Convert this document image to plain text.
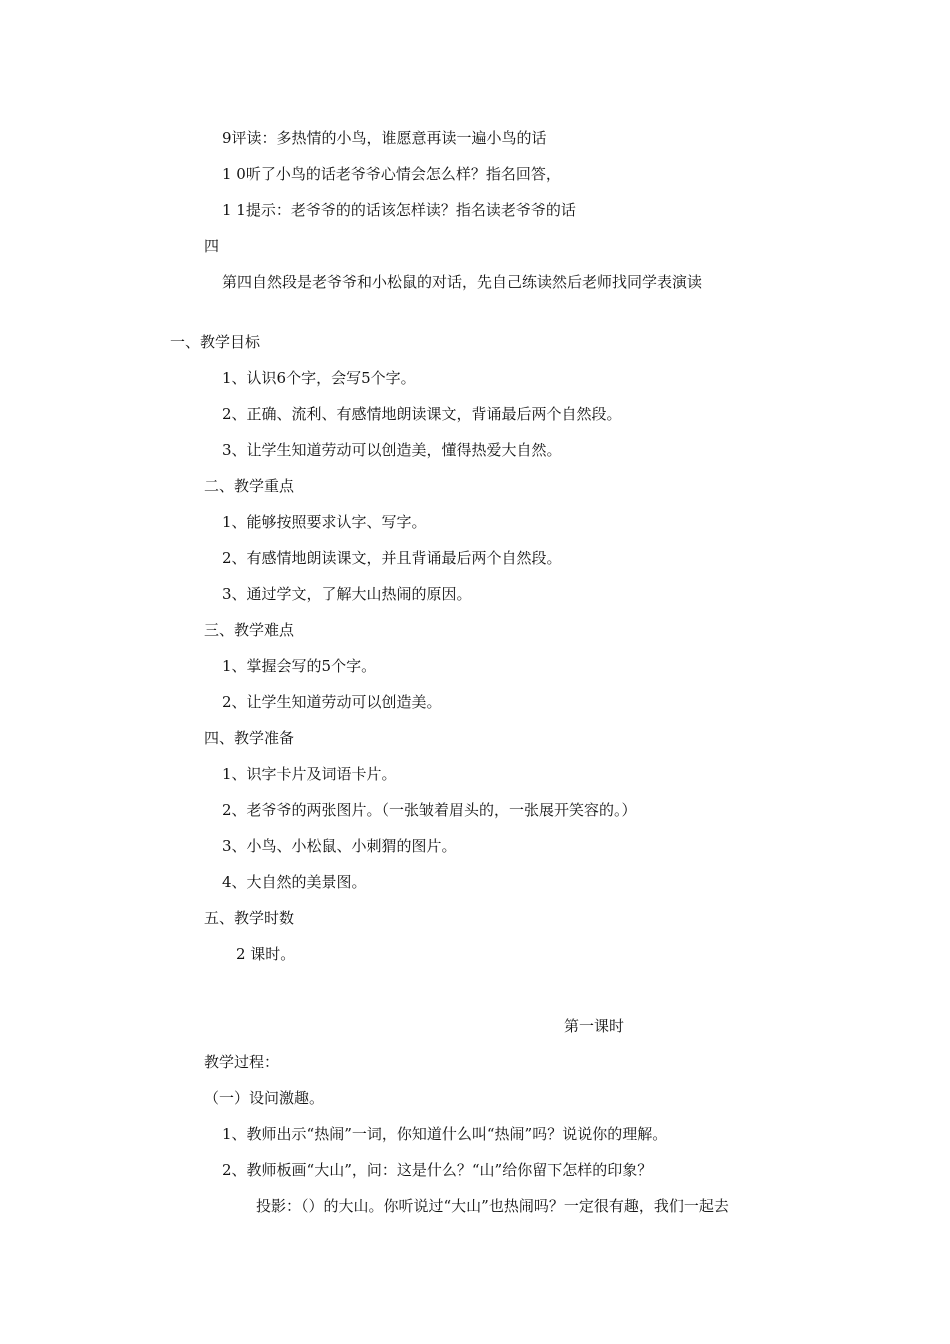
9评读：多热情的小鸟，谁愿意再读一遍小鸟的话
1 0听了小鸟的话老爷爷心情会怎么样？指名回答，
1 1提示：老爷爷的的话该怎样读？指名读老爷爷的话
四
第四自然段是老爷爷和小松鼠的对话，先自己练读然后老师找同学表演读
一、教学目标
1、认识6个字，会写5个字。
2、正确、流利、有感情地朗读课文，背诵最后两个自然段。
3、让学生知道劳动可以创造美，懂得热爱大自然。
二、教学重点
1、能够按照要求认字、写字。
2、有感情地朗读课文，并且背诵最后两个自然段。
3、通过学文，了解大山热闹的原因。
三、教学难点
1、掌握会写的5个字。
2、让学生知道劳动可以创造美。
四、教学准备
1、识字卡片及词语卡片。
2、老爷爷的两张图片。（一张皱着眉头的，一张展开笑容的。）
3、小鸟、小松鼠、小刺猬的图片。
4、大自然的美景图。
五、教学时数
2 课时。
第一课时
教学过程：
（一）设问激趣。
1、教师出示“热闹”一词，你知道什么叫“热闹”吗？说说你的理解。
2、教师板画“大山”，问：这是什么？“山”给你留下怎样的印象？
投影：（）的大山。你听说过“大山”也热闹吗？一定很有趣，我们一起去
